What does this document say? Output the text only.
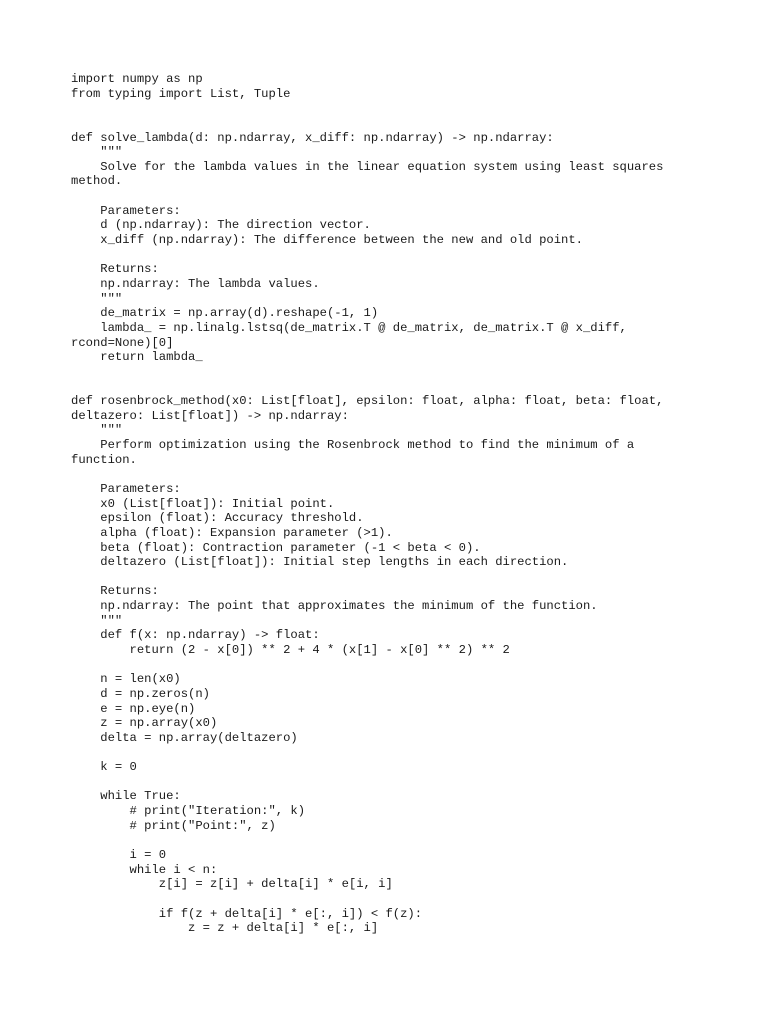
import numpy as np
from typing import List, Tuple
def solve_lambda(d: np.ndarray, x_diff: np.ndarray) -> np.ndarray:
"""
Solve for the lambda values in the linear equation system using least squares
method.
Parameters:
d (np.ndarray): The direction vector.
x_diff (np.ndarray): The difference between the new and old point.
Returns:
np.ndarray: The lambda values.
"""
de_matrix = np.array(d).reshape(-1, 1)
lambda_ = np.linalg.lstsq(de_matrix.T @ de_matrix, de_matrix.T @ x_diff,
rcond=None)[0]
return lambda_
def rosenbrock_method(x0: List[float], epsilon: float, alpha: float, beta: float,
deltazero: List[float]) -> np.ndarray:
"""
Perform optimization using the Rosenbrock method to find the minimum of a
function.
Parameters:
x0 (List[float]): Initial point.
epsilon (float): Accuracy threshold.
alpha (float): Expansion parameter (>1).
beta (float): Contraction parameter (-1 < beta < 0).
deltazero (List[float]): Initial step lengths in each direction.
Returns:
np.ndarray: The point that approximates the minimum of the function.
"""
def f(x: np.ndarray) -> float:
return (2 - x[0]) ** 2 + 4 * (x[1] - x[0] ** 2) ** 2
n = len(x0)
d = np.zeros(n)
e = np.eye(n)
z = np.array(x0)
delta = np.array(deltazero)
k = 0
while True:
# print("Iteration:", k)
# print("Point:", z)
i = 0
while i < n:
z[i] = z[i] + delta[i] * e[i, i]
if f(z + delta[i] * e[:, i]) < f(z):
z = z + delta[i] * e[:, i]
